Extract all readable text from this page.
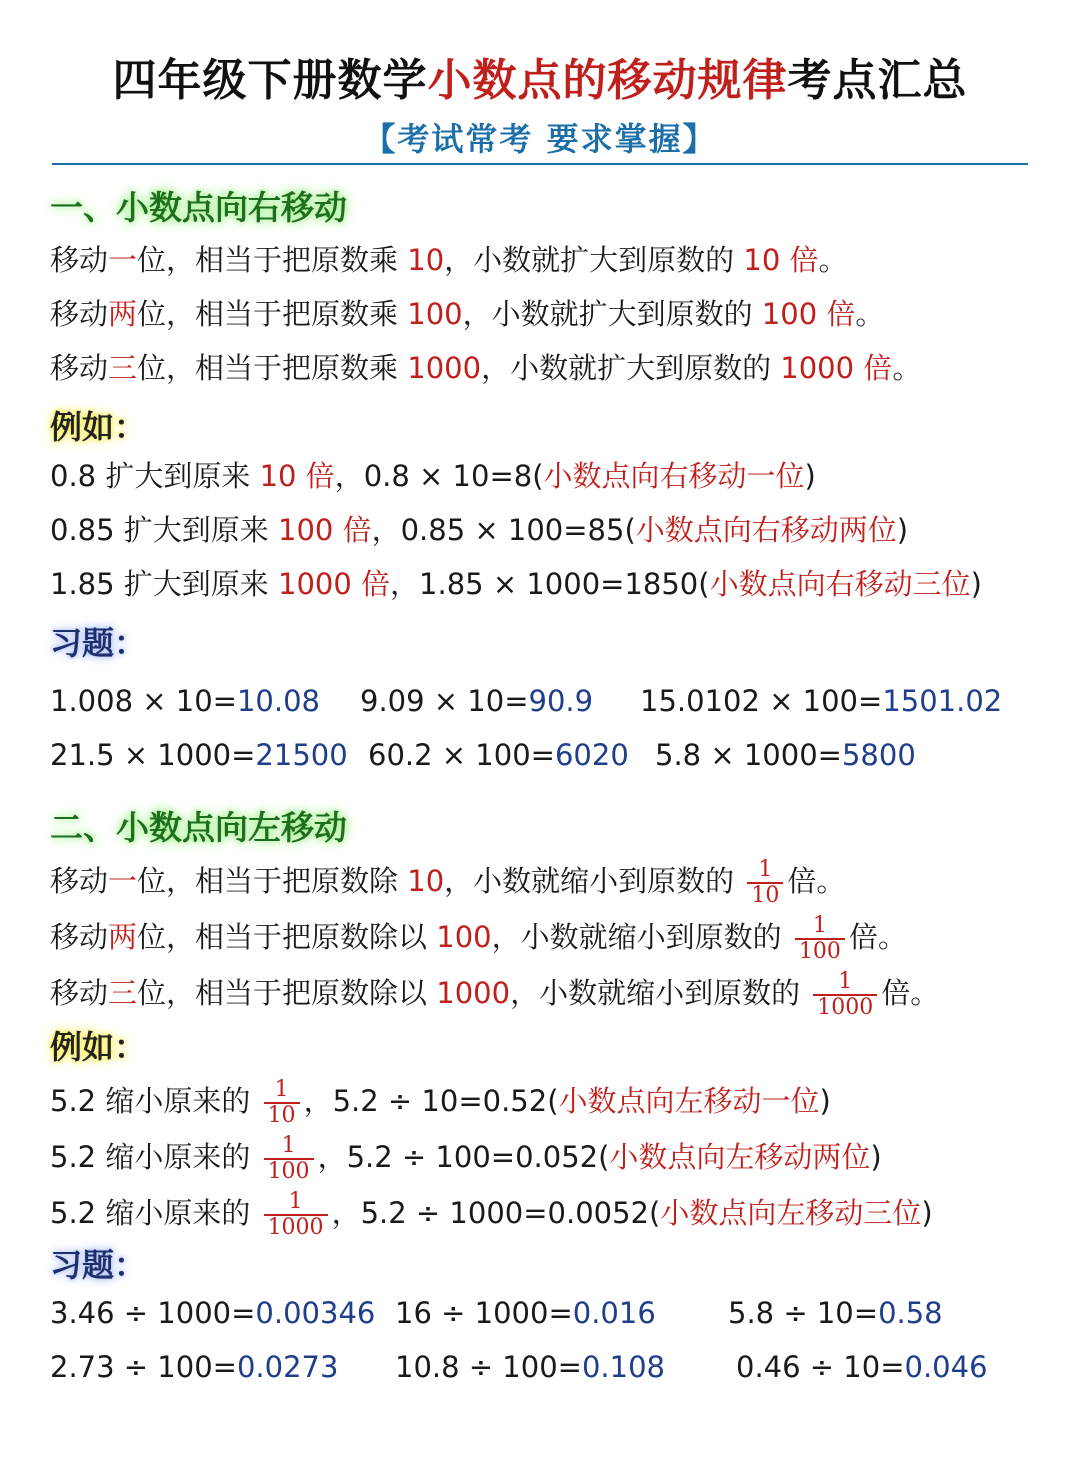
四年级下册数学小数点的移动规律考点汇总
【考试常考 要求掌握】
一、小数点向右移动
移动一位，相当于把原数乘 10，小数就扩大到原数的 10 倍。
移动两位，相当于把原数乘 100，小数就扩大到原数的 100 倍。
移动三位，相当于把原数乘 1000，小数就扩大到原数的 1000 倍。
例如：
0.8 扩大到原来 10 倍，0.8 × 10=8(小数点向右移动一位)
0.85 扩大到原来 100 倍，0.85 × 100=85(小数点向右移动两位)
1.85 扩大到原来 1000 倍，1.85 × 1000=1850(小数点向右移动三位)
习题：
1.008 × 10=10.08 9.09 × 10=90.9 15.0102 × 100=1501.02
21.5 × 1000=21500 60.2 × 100=6020 5.8 × 1000=5800
二、小数点向左移动
移动一位，相当于把原数除 10，小数就缩小到原数的 $\frac{1}{10}$ 倍。
移动两位，相当于把原数除以 100，小数就缩小到原数的 $\frac{1}{100}$ 倍。
移动三位，相当于把原数除以 1000，小数就缩小到原数的 $\frac{1}{1000}$ 倍。
例如：
5.2 缩小原来的 $\frac{1}{10}$ ，5.2 ÷ 10=0.52(小数点向左移动一位)
5.2 缩小原来的 $\frac{1}{100}$ ，5.2 ÷ 100=0.052(小数点向左移动两位)
5.2 缩小原来的 $\frac{1}{1000}$ ，5.2 ÷ 1000=0.0052(小数点向左移动三位)
习题：
3.46 ÷ 1000=0.00346 16 ÷ 1000=0.016 5.8 ÷ 10=0.58
2.73 ÷ 100=0.0273 10.8 ÷ 100=0.108 0.46 ÷ 10=0.046
